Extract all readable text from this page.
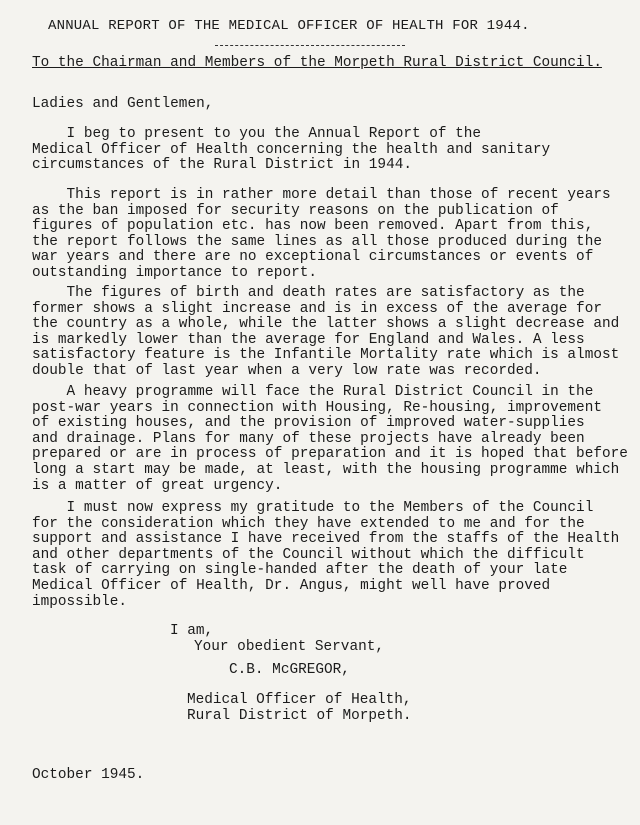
ANNUAL REPORT OF THE MEDICAL OFFICER OF HEALTH FOR 1944.
To the Chairman and Members of the Morpeth Rural District Council.
Ladies and Gentlemen,
I beg to present to you the Annual Report of the
Medical Officer of Health concerning the health and sanitary
circumstances of the Rural District in 1944.
This report is in rather more detail than those of recent years
as the ban imposed for security reasons on the publication of
figures of population etc. has now been removed. Apart from this,
the report follows the same lines as all those produced during the
war years and there are no exceptional circumstances or events of
outstanding importance to report.
The figures of birth and death rates are satisfactory as the
former shows a slight increase and is in excess of the average for
the country as a whole, while the latter shows a slight decrease and
is markedly lower than the average for England and Wales. A less
satisfactory feature is the Infantile Mortality rate which is almost
double that of last year when a very low rate was recorded.
A heavy programme will face the Rural District Council in the
post-war years in connection with Housing, Re-housing, improvement
of existing houses, and the provision of improved water-supplies
and drainage. Plans for many of these projects have already been
prepared or are in process of preparation and it is hoped that before
long a start may be made, at least, with the housing programme which
is a matter of great urgency.
I must now express my gratitude to the Members of the Council
for the consideration which they have extended to me and for the
support and assistance I have received from the staffs of the Health
and other departments of the Council without which the difficult
task of carrying on single-handed after the death of your late
Medical Officer of Health, Dr. Angus, might well have proved
impossible.
I am,
Your obedient Servant,
C.B. McGREGOR,
Medical Officer of Health,
Rural District of Morpeth.
October 1945.
